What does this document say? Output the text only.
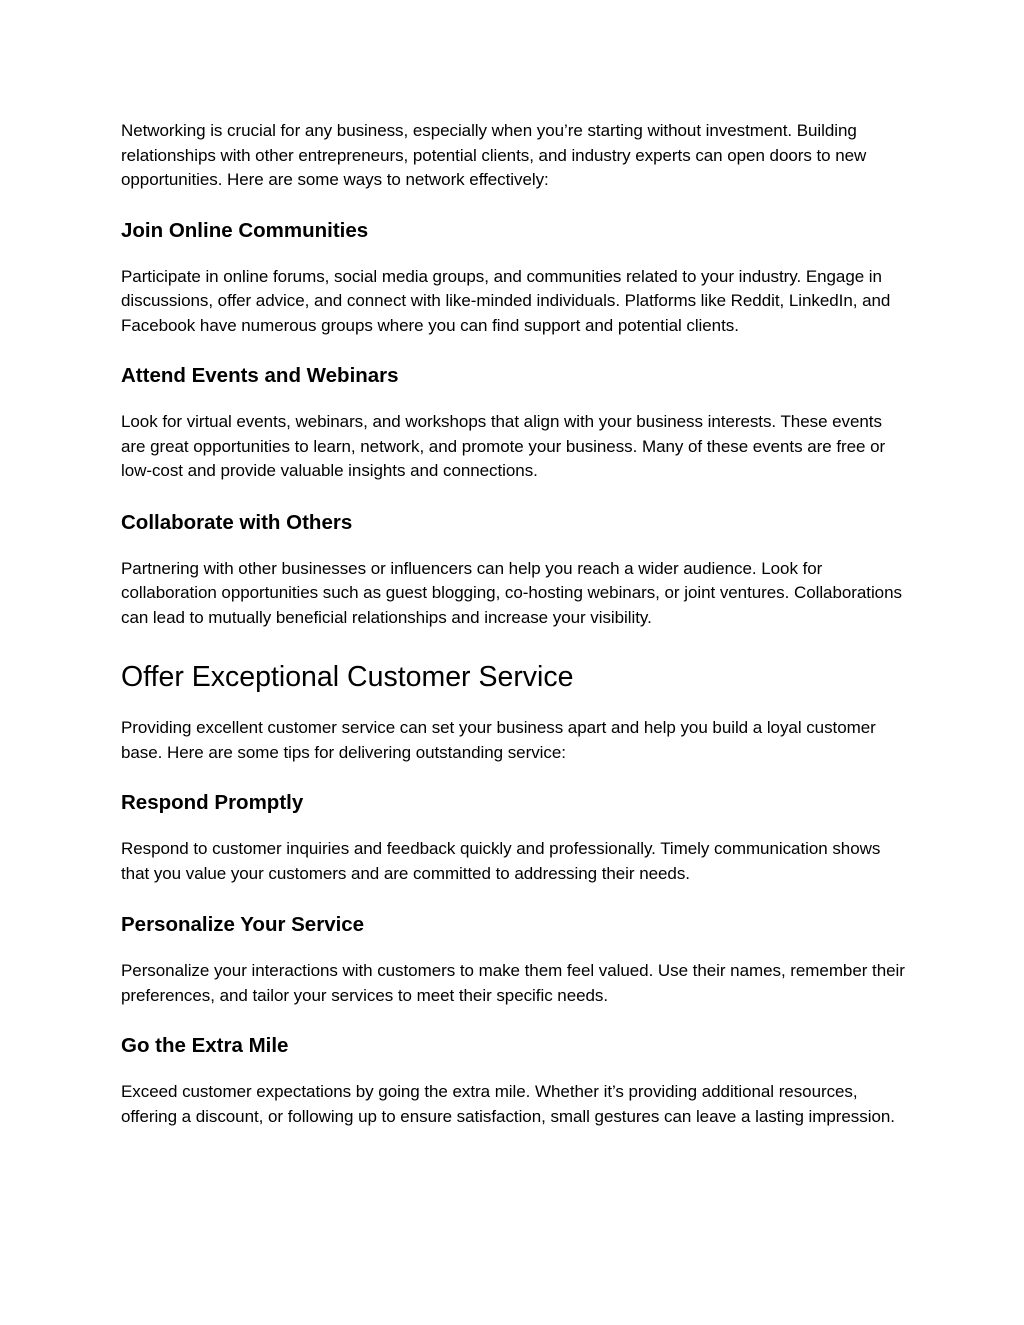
Networking is crucial for any business, especially when you’re starting without investment. Building relationships with other entrepreneurs, potential clients, and industry experts can open doors to new opportunities. Here are some ways to network effectively:

Join Online Communities

Participate in online forums, social media groups, and communities related to your industry. Engage in discussions, offer advice, and connect with like-minded individuals. Platforms like Reddit, LinkedIn, and Facebook have numerous groups where you can find support and potential clients.

Attend Events and Webinars

Look for virtual events, webinars, and workshops that align with your business interests. These events are great opportunities to learn, network, and promote your business. Many of these events are free or low-cost and provide valuable insights and connections.

Collaborate with Others

Partnering with other businesses or influencers can help you reach a wider audience. Look for collaboration opportunities such as guest blogging, co-hosting webinars, or joint ventures. Collaborations can lead to mutually beneficial relationships and increase your visibility.

Offer Exceptional Customer Service

Providing excellent customer service can set your business apart and help you build a loyal customer base. Here are some tips for delivering outstanding service:

Respond Promptly

Respond to customer inquiries and feedback quickly and professionally. Timely communication shows that you value your customers and are committed to addressing their needs.

Personalize Your Service

Personalize your interactions with customers to make them feel valued. Use their names, remember their preferences, and tailor your services to meet their specific needs.

Go the Extra Mile

Exceed customer expectations by going the extra mile. Whether it’s providing additional resources, offering a discount, or following up to ensure satisfaction, small gestures can leave a lasting impression.
